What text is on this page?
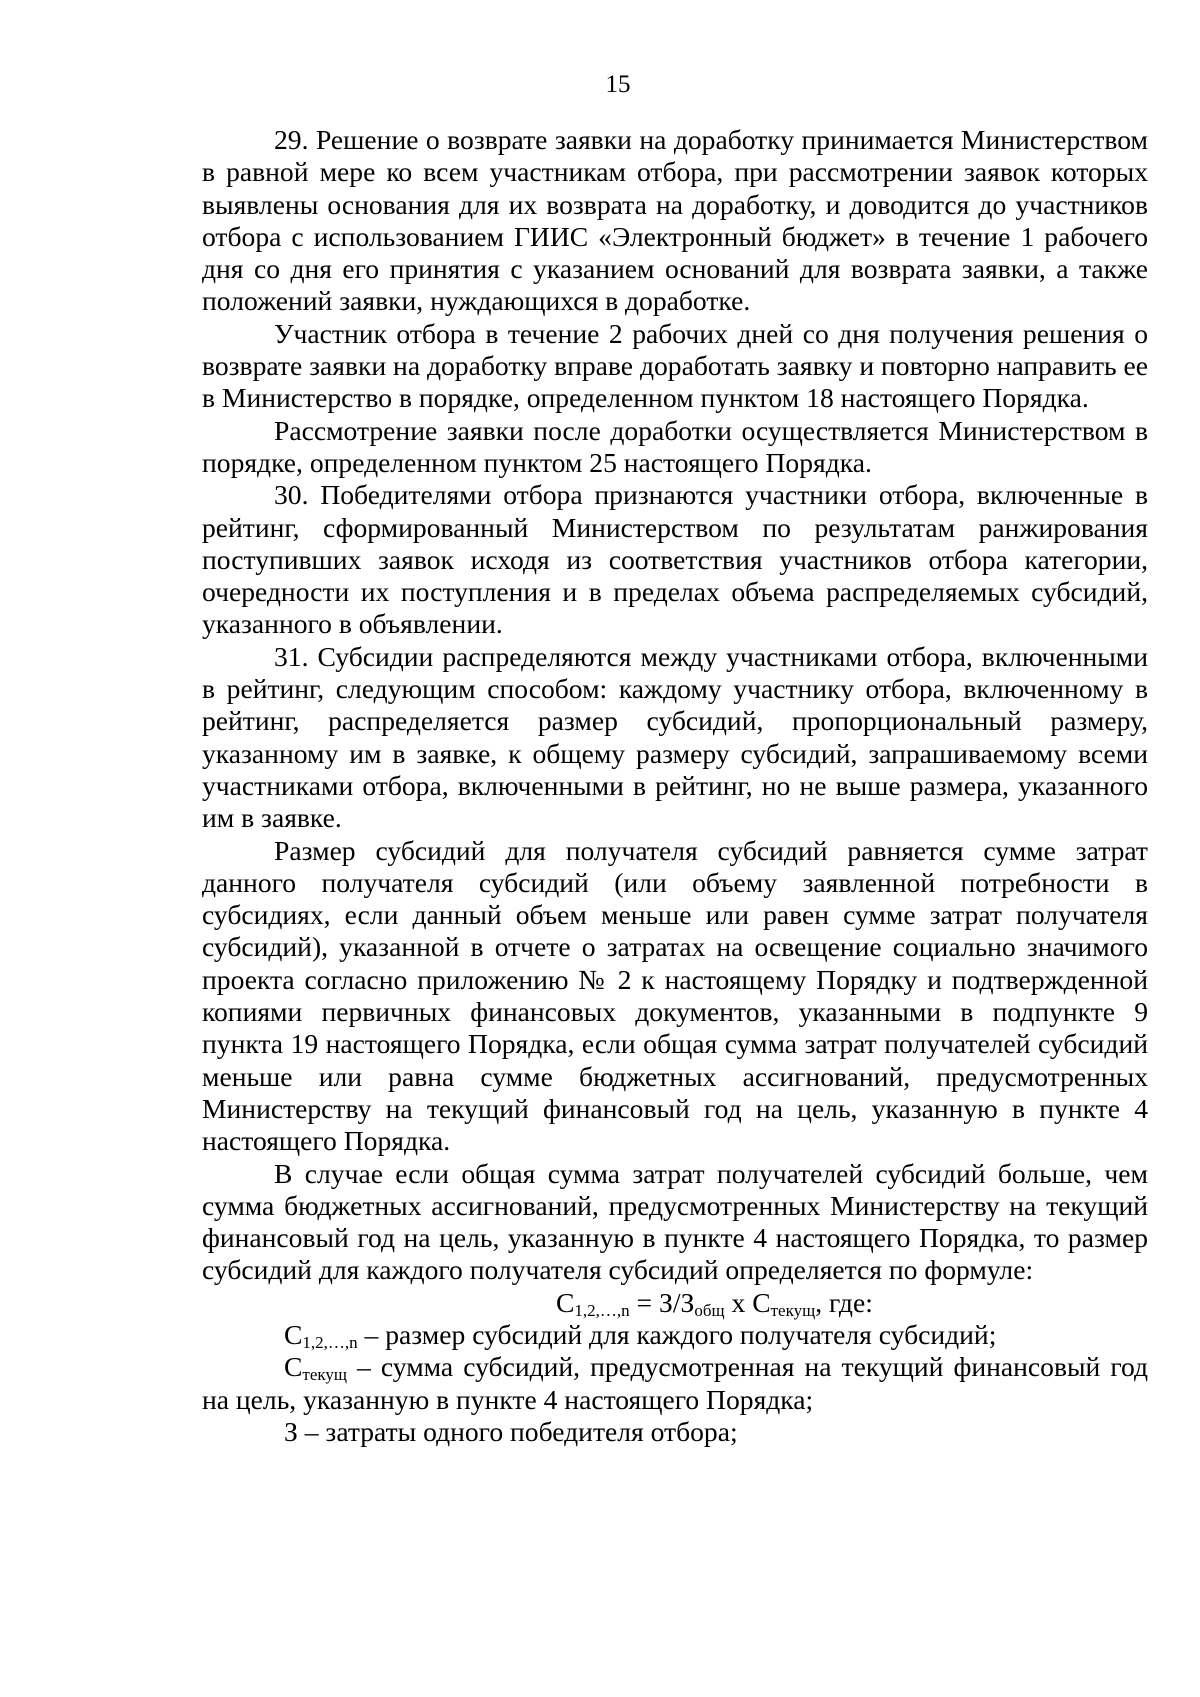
15

29. Решение о возврате заявки на доработку принимается Министерством в равной мере ко всем участникам отбора, при рассмотрении заявок которых выявлены основания для их возврата на доработку, и доводится до участников отбора с использованием ГИИС «Электронный бюджет» в течение 1 рабочего дня со дня его принятия с указанием оснований для возврата заявки, а также положений заявки, нуждающихся в доработке.

Участник отбора в течение 2 рабочих дней со дня получения решения о возврате заявки на доработку вправе доработать заявку и повторно направить ее в Министерство в порядке, определенном пунктом 18 настоящего Порядка.

Рассмотрение заявки после доработки осуществляется Министерством в порядке, определенном пунктом 25 настоящего Порядка.

30. Победителями отбора признаются участники отбора, включенные в рейтинг, сформированный Министерством по результатам ранжирования поступивших заявок исходя из соответствия участников отбора категории, очередности их поступления и в пределах объема распределяемых субсидий, указанного в объявлении.

31. Субсидии распределяются между участниками отбора, включенными в рейтинг, следующим способом: каждому участнику отбора, включенному в рейтинг, распределяется размер субсидий, пропорциональный размеру, указанному им в заявке, к общему размеру субсидий, запрашиваемому всеми участниками отбора, включенными в рейтинг, но не выше размера, указанного им в заявке.

Размер субсидий для получателя субсидий равняется сумме затрат данного получателя субсидий (или объему заявленной потребности в субсидиях, если данный объем меньше или равен сумме затрат получателя субсидий), указанной в отчете о затратах на освещение социально значимого проекта согласно приложению № 2 к настоящему Порядку и подтвержденной копиями первичных финансовых документов, указанными в подпункте 9 пункта 19 настоящего Порядка, если общая сумма затрат получателей субсидий меньше или равна сумме бюджетных ассигнований, предусмотренных Министерству на текущий финансовый год на цель, указанную в пункте 4 настоящего Порядка.

В случае если общая сумма затрат получателей субсидий больше, чем сумма бюджетных ассигнований, предусмотренных Министерству на текущий финансовый год на цель, указанную в пункте 4 настоящего Порядка, то размер субсидий для каждого получателя субсидий определяется по формуле:

$С_{1,2,\dots,n} = З/З_{общ}$ х $С_{текущ}$, где:

$С_{1,2,\dots,n}$ – размер субсидий для каждого получателя субсидий;

$С_{текущ}$ – сумма субсидий, предусмотренная на текущий финансовый год на цель, указанную в пункте 4 настоящего Порядка;

З – затраты одного победителя отбора;
